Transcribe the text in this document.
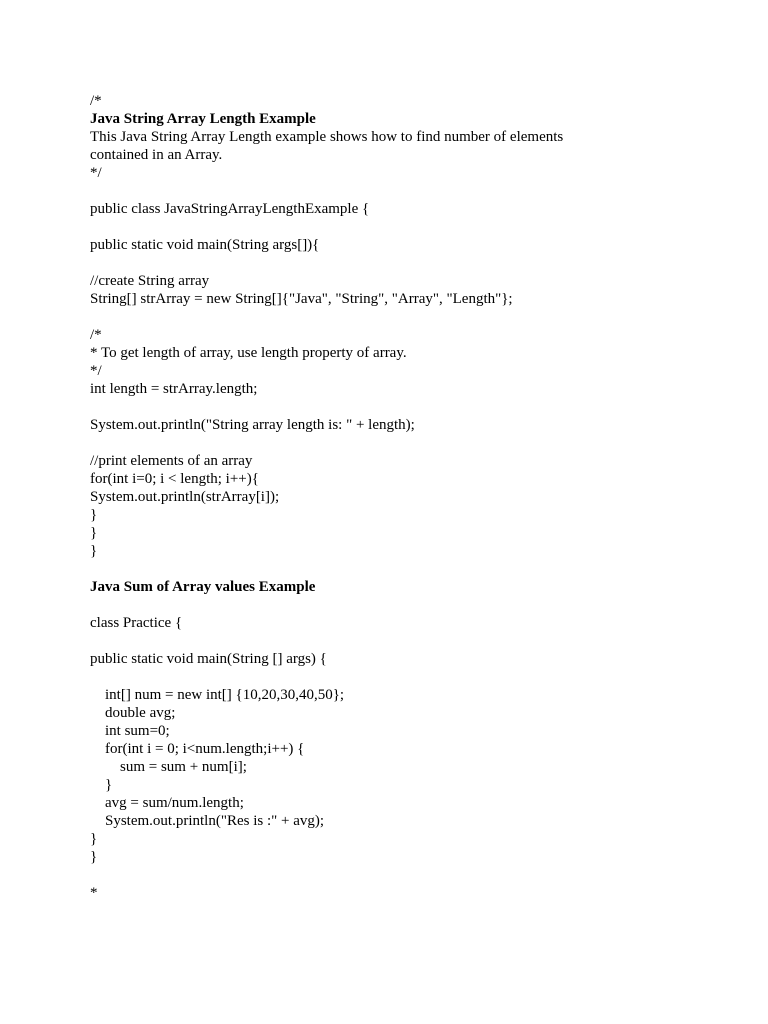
/*
Java String Array Length Example
This Java String Array Length example shows how to find number of elements
contained in an Array.
*/
public class JavaStringArrayLengthExample {
public static void main(String args[]){
//create String array
String[] strArray = new String[]{"Java", "String", "Array", "Length"};
/*
* To get length of array, use length property of array.
*/
int length = strArray.length;
System.out.println("String array length is: " + length);
//print elements of an array
for(int i=0; i < length; i++){
System.out.println(strArray[i]);
}
}
}
Java Sum of Array values Example
class Practice {
public static void main(String [] args) {
int[] num = new int[] {10,20,30,40,50};
double avg;
int sum=0;
for(int i = 0; i<num.length;i++) {
sum = sum + num[i];
}
avg = sum/num.length;
System.out.println("Res is :" + avg);
}
}
*
